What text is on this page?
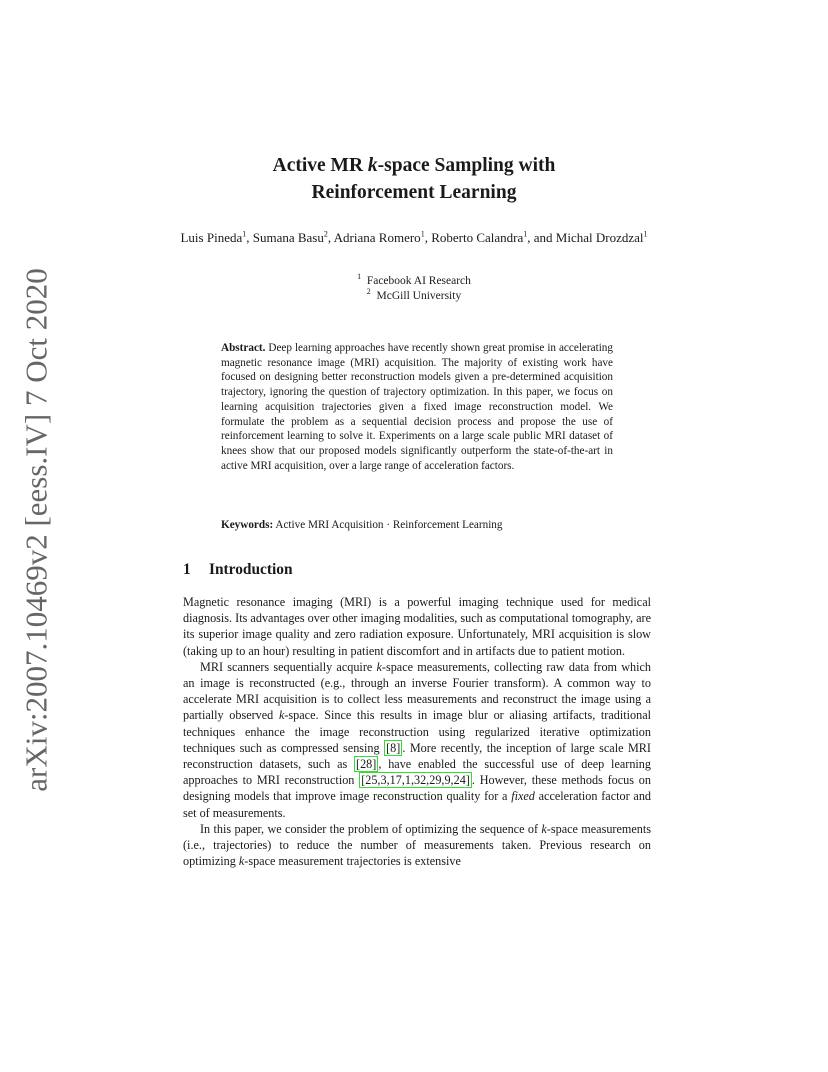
arXiv:2007.10469v2 [eess.IV] 7 Oct 2020
Active MR k-space Sampling with
Reinforcement Learning
Luis Pineda$^1$, Sumana Basu$^2$, Adriana Romero$^1$, Roberto Calandra$^1$, and Michal Drozdzal$^1$
$^1$  Facebook AI Research
$^2$  McGill University
Abstract. Deep learning approaches have recently shown great promise in accelerating magnetic resonance image (MRI) acquisition. The majority of existing work have focused on designing better reconstruction models given a pre-determined acquisition trajectory, ignoring the question of trajectory optimization. In this paper, we focus on learning acquisition trajectories given a fixed image reconstruction model. We formulate the problem as a sequential decision process and propose the use of reinforcement learning to solve it. Experiments on a large scale public MRI dataset of knees show that our proposed models significantly outperform the state-of-the-art in active MRI acquisition, over a large range of acceleration factors.
Keywords: Active MRI Acquisition · Reinforcement Learning
1 Introduction

Magnetic resonance imaging (MRI) is a powerful imaging technique used for medical diagnosis. Its advantages over other imaging modalities, such as computational tomography, are its superior image quality and zero radiation exposure. Unfortunately, MRI acquisition is slow (taking up to an hour) resulting in patient discomfort and in artifacts due to patient motion.

MRI scanners sequentially acquire k-space measurements, collecting raw data from which an image is reconstructed (e.g., through an inverse Fourier transform). A common way to accelerate MRI acquisition is to collect less measurements and reconstruct the image using a partially observed k-space. Since this results in image blur or aliasing artifacts, traditional techniques enhance the image reconstruction using regularized iterative optimization techniques such as compressed sensing [8] . More recently, the inception of large scale MRI reconstruction datasets, such as [28] , have enabled the successful use of deep learning approaches to MRI reconstruction [25,3,17,1,32,29,9,24] . However, these methods focus on designing models that improve image reconstruction quality for a fixed acceleration factor and set of measurements.

In this paper, we consider the problem of optimizing the sequence of k-space measurements (i.e., trajectories) to reduce the number of measurements taken. Previous research on optimizing k-space measurement trajectories is extensive
